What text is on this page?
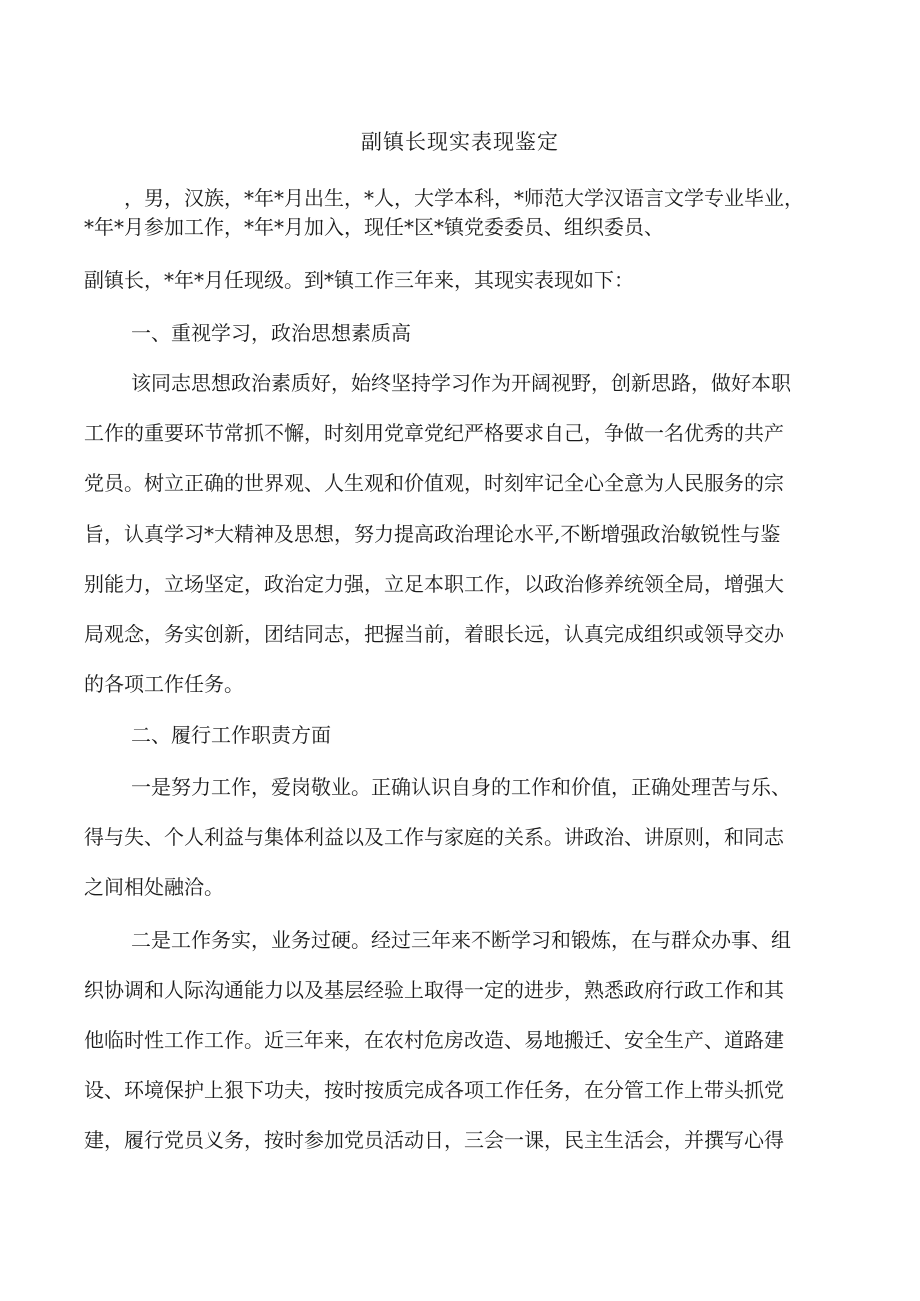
副镇长现实表现鉴定
，男，汉族，*年*月出生，*人，大学本科，*师范大学汉语言文学专业毕业，
*年*月参加工作，*年*月加入，现任*区*镇党委委员、组织委员、
副镇长，*年*月任现级。到*镇工作三年来，其现实表现如下：
一、重视学习，政治思想素质高
该同志思想政治素质好，始终坚持学习作为开阔视野，创新思路，做好本职
工作的重要环节常抓不懈，时刻用党章党纪严格要求自己，争做一名优秀的共产
党员。树立正确的世界观、人生观和价值观，时刻牢记全心全意为人民服务的宗
旨，认真学习*大精神及思想，努力提高政治理论水平,不断增强政治敏锐性与鉴
别能力，立场坚定，政治定力强，立足本职工作，以政治修养统领全局，增强大
局观念，务实创新，团结同志，把握当前，着眼长远，认真完成组织或领导交办
的各项工作任务。
二、履行工作职责方面
一是努力工作，爱岗敬业。正确认识自身的工作和价值，正确处理苦与乐、
得与失、个人利益与集体利益以及工作与家庭的关系。讲政治、讲原则，和同志
之间相处融洽。
二是工作务实，业务过硬。经过三年来不断学习和锻炼，在与群众办事、组
织协调和人际沟通能力以及基层经验上取得一定的进步，熟悉政府行政工作和其
他临时性工作工作。近三年来，在农村危房改造、易地搬迁、安全生产、道路建
设、环境保护上狠下功夫，按时按质完成各项工作任务，在分管工作上带头抓党
建，履行党员义务，按时参加党员活动日，三会一课，民主生活会，并撰写心得
